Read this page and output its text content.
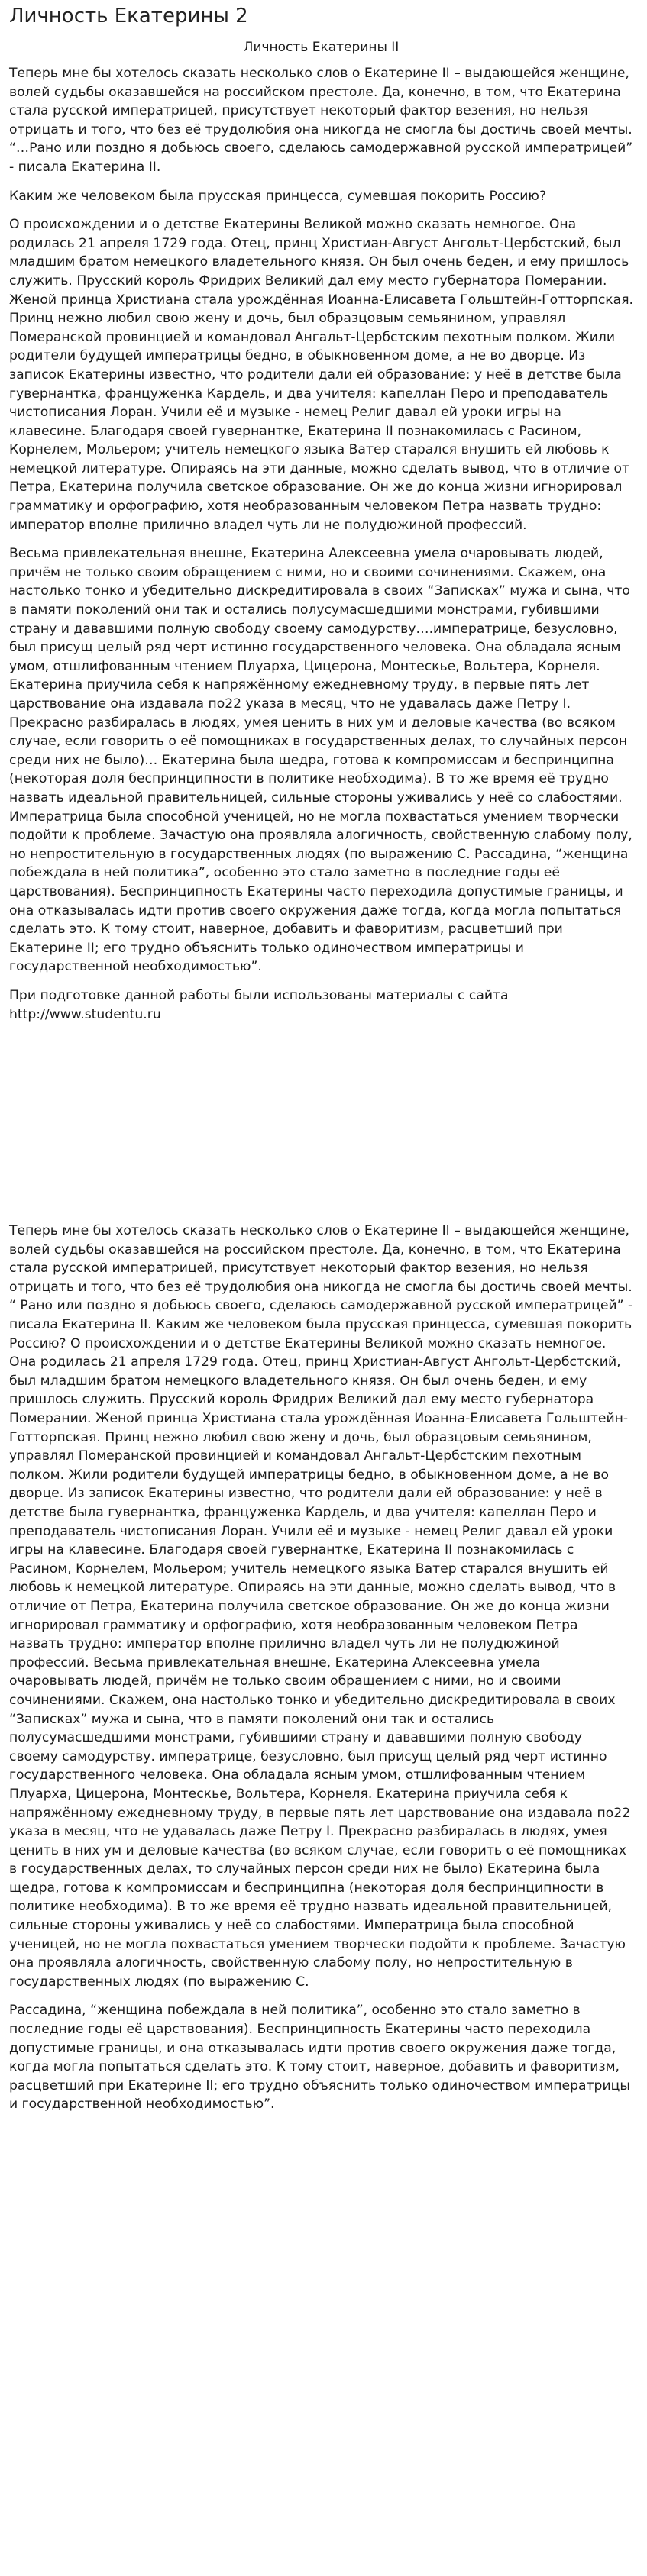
Личность Екатерины 2
Личность Екатерины II

Теперь мне бы хотелось сказать несколько слов о Екатерине II – выдающейся женщине, волей судьбы оказавшейся на российском престоле. Да, конечно, в том, что Екатерина стала русской императрицей, присутствует некоторый фактор везения, но нельзя отрицать и того, что без её трудолюбия она никогда не смогла бы достичь своей мечты. “…Рано или поздно я добьюсь своего, сделаюсь самодержавной русской императрицей” - писала Екатерина II.

Каким же человеком была прусская принцесса, сумевшая покорить Россию?

О происхождении и о детстве Екатерины Великой можно сказать немногое. Она родилась 21 апреля 1729 года. Отец, принц Христиан-Август Ангольт-Цербстский, был младшим братом немецкого владетельного князя. Он был очень беден, и ему пришлось служить. Прусский король Фридрих Великий дал ему место губернатора Померании. Женой принца Христиана стала урождённая Иоанна-Елисавета Гольштейн-Готторпская. Принц нежно любил свою жену и дочь, был образцовым семьянином, управлял Померанской провинцией и командовал Ангальт-Цербстским пехотным полком. Жили родители будущей императрицы бедно, в обыкновенном доме, а не во дворце. Из записок Екатерины известно, что родители дали ей образование: у неё в детстве была гувернантка, француженка Кардель, и два учителя: капеллан Перо и преподаватель чистописания Лоран. Учили её и музыке - немец Религ давал ей уроки игры на клавесине. Благодаря своей гувернантке, Екатерина II познакомилась с Расином, Корнелем, Мольером; учитель немецкого языка Ватер старался внушить ей любовь к немецкой литературе. Опираясь на эти данные, можно сделать вывод, что в отличие от Петра, Екатерина получила светское образование. Он же до конца жизни игнорировал грамматику и орфографию, хотя необразованным человеком Петра назвать трудно: император вполне прилично владел чуть ли не полудюжиной профессий.

Весьма привлекательная внешне, Екатерина Алексеевна умела очаровывать людей, причём не только своим обращением с ними, но и своими сочинениями. Скажем, она настолько тонко и убедительно дискредитировала в своих “Записках” мужа и сына, что в памяти поколений они так и остались полусумасшедшими монстрами, губившими страну и дававшими полную свободу своему самодурству….императрице, безусловно, был присущ целый ряд черт истинно государственного человека. Она обладала ясным умом, отшлифованным чтением Плуарха, Цицерона, Монтескье, Вольтера, Корнеля. Екатерина приучила себя к напряжённому ежедневному труду, в первые пять лет царствование она издавала по22 указа в месяц, что не удавалась даже Петру I. Прекрасно разбиралась в людях, умея ценить в них ум и деловые качества (во всяком случае, если говорить о её помощниках в государственных делах, то случайных персон среди них не было)… Екатерина была щедра, готова к компромиссам и беспринципна (некоторая доля беспринципности в политике необходима). В то же время её трудно назвать идеальной правительницей, сильные стороны уживались у неё со слабостями. Императрица была способной ученицей, но не могла похвастаться умением творчески подойти к проблеме. Зачастую она проявляла алогичность, свойственную слабому полу, но непростительную в государственных людях (по выражению С. Рассадина, “женщина побеждала в ней политика”, особенно это стало заметно в последние годы её царствования). Беспринципность Екатерины часто переходила допустимые границы, и она отказывалась идти против своего окружения даже тогда, когда могла попытаться сделать это. К тому стоит, наверное, добавить и фаворитизм, расцветший при Екатерине II; его трудно объяснить только одиночеством императрицы и государственной необходимостью”.

При подготовке данной работы были использованы материалы с сайта http://www.studentu.ru

Теперь мне бы хотелось сказать несколько слов о Екатерине II – выдающейся женщине, волей судьбы оказавшейся на российском престоле. Да, конечно, в том, что Екатерина стала русской императрицей, присутствует некоторый фактор везения, но нельзя отрицать и того, что без её трудолюбия она никогда не смогла бы достичь своей мечты. “ Рано или поздно я добьюсь своего, сделаюсь самодержавной русской императрицей” - писала Екатерина II. Каким же человеком была прусская принцесса, сумевшая покорить Россию? О происхождении и о детстве Екатерины Великой можно сказать немногое. Она родилась 21 апреля 1729 года. Отец, принц Христиан-Август Ангольт-Цербстский, был младшим братом немецкого владетельного князя. Он был очень беден, и ему пришлось служить. Прусский король Фридрих Великий дал ему место губернатора Померании. Женой принца Христиана стала урождённая Иоанна-Елисавета Гольштейн-Готторпская. Принц нежно любил свою жену и дочь, был образцовым семьянином, управлял Померанской провинцией и командовал Ангальт-Цербстским пехотным полком. Жили родители будущей императрицы бедно, в обыкновенном доме, а не во дворце. Из записок Екатерины известно, что родители дали ей образование: у неё в детстве была гувернантка, француженка Кардель, и два учителя: капеллан Перо и преподаватель чистописания Лоран. Учили её и музыке - немец Религ давал ей уроки игры на клавесине. Благодаря своей гувернантке, Екатерина II познакомилась с Расином, Корнелем, Мольером; учитель немецкого языка Ватер старался внушить ей любовь к немецкой литературе. Опираясь на эти данные, можно сделать вывод, что в отличие от Петра, Екатерина получила светское образование. Он же до конца жизни игнорировал грамматику и орфографию, хотя необразованным человеком Петра назвать трудно: император вполне прилично владел чуть ли не полудюжиной профессий. Весьма привлекательная внешне, Екатерина Алексеевна умела очаровывать людей, причём не только своим обращением с ними, но и своими сочинениями. Скажем, она настолько тонко и убедительно дискредитировала в своих “Записках” мужа и сына, что в памяти поколений они так и остались полусумасшедшими монстрами, губившими страну и дававшими полную свободу своему самодурству. императрице, безусловно, был присущ целый ряд черт истинно государственного человека. Она обладала ясным умом, отшлифованным чтением Плуарха, Цицерона, Монтескье, Вольтера, Корнеля. Екатерина приучила себя к напряжённому ежедневному труду, в первые пять лет царствование она издавала по22 указа в месяц, что не удавалась даже Петру I. Прекрасно разбиралась в людях, умея ценить в них ум и деловые качества (во всяком случае, если говорить о её помощниках в государственных делах, то случайных персон среди них не было) Екатерина была щедра, готова к компромиссам и беспринципна (некоторая доля беспринципности в политике необходима). В то же время её трудно назвать идеальной правительницей, сильные стороны уживались у неё со слабостями. Императрица была способной ученицей, но не могла похвастаться умением творчески подойти к проблеме. Зачастую она проявляла алогичность, свойственную слабому полу, но непростительную в государственных людях (по выражению С.

Рассадина, “женщина побеждала в ней политика”, особенно это стало заметно в последние годы её царствования). Беспринципность Екатерины часто переходила допустимые границы, и она отказывалась идти против своего окружения даже тогда, когда могла попытаться сделать это. К тому стоит, наверное, добавить и фаворитизм, расцветший при Екатерине II; его трудно объяснить только одиночеством императрицы и государственной необходимостью”.
